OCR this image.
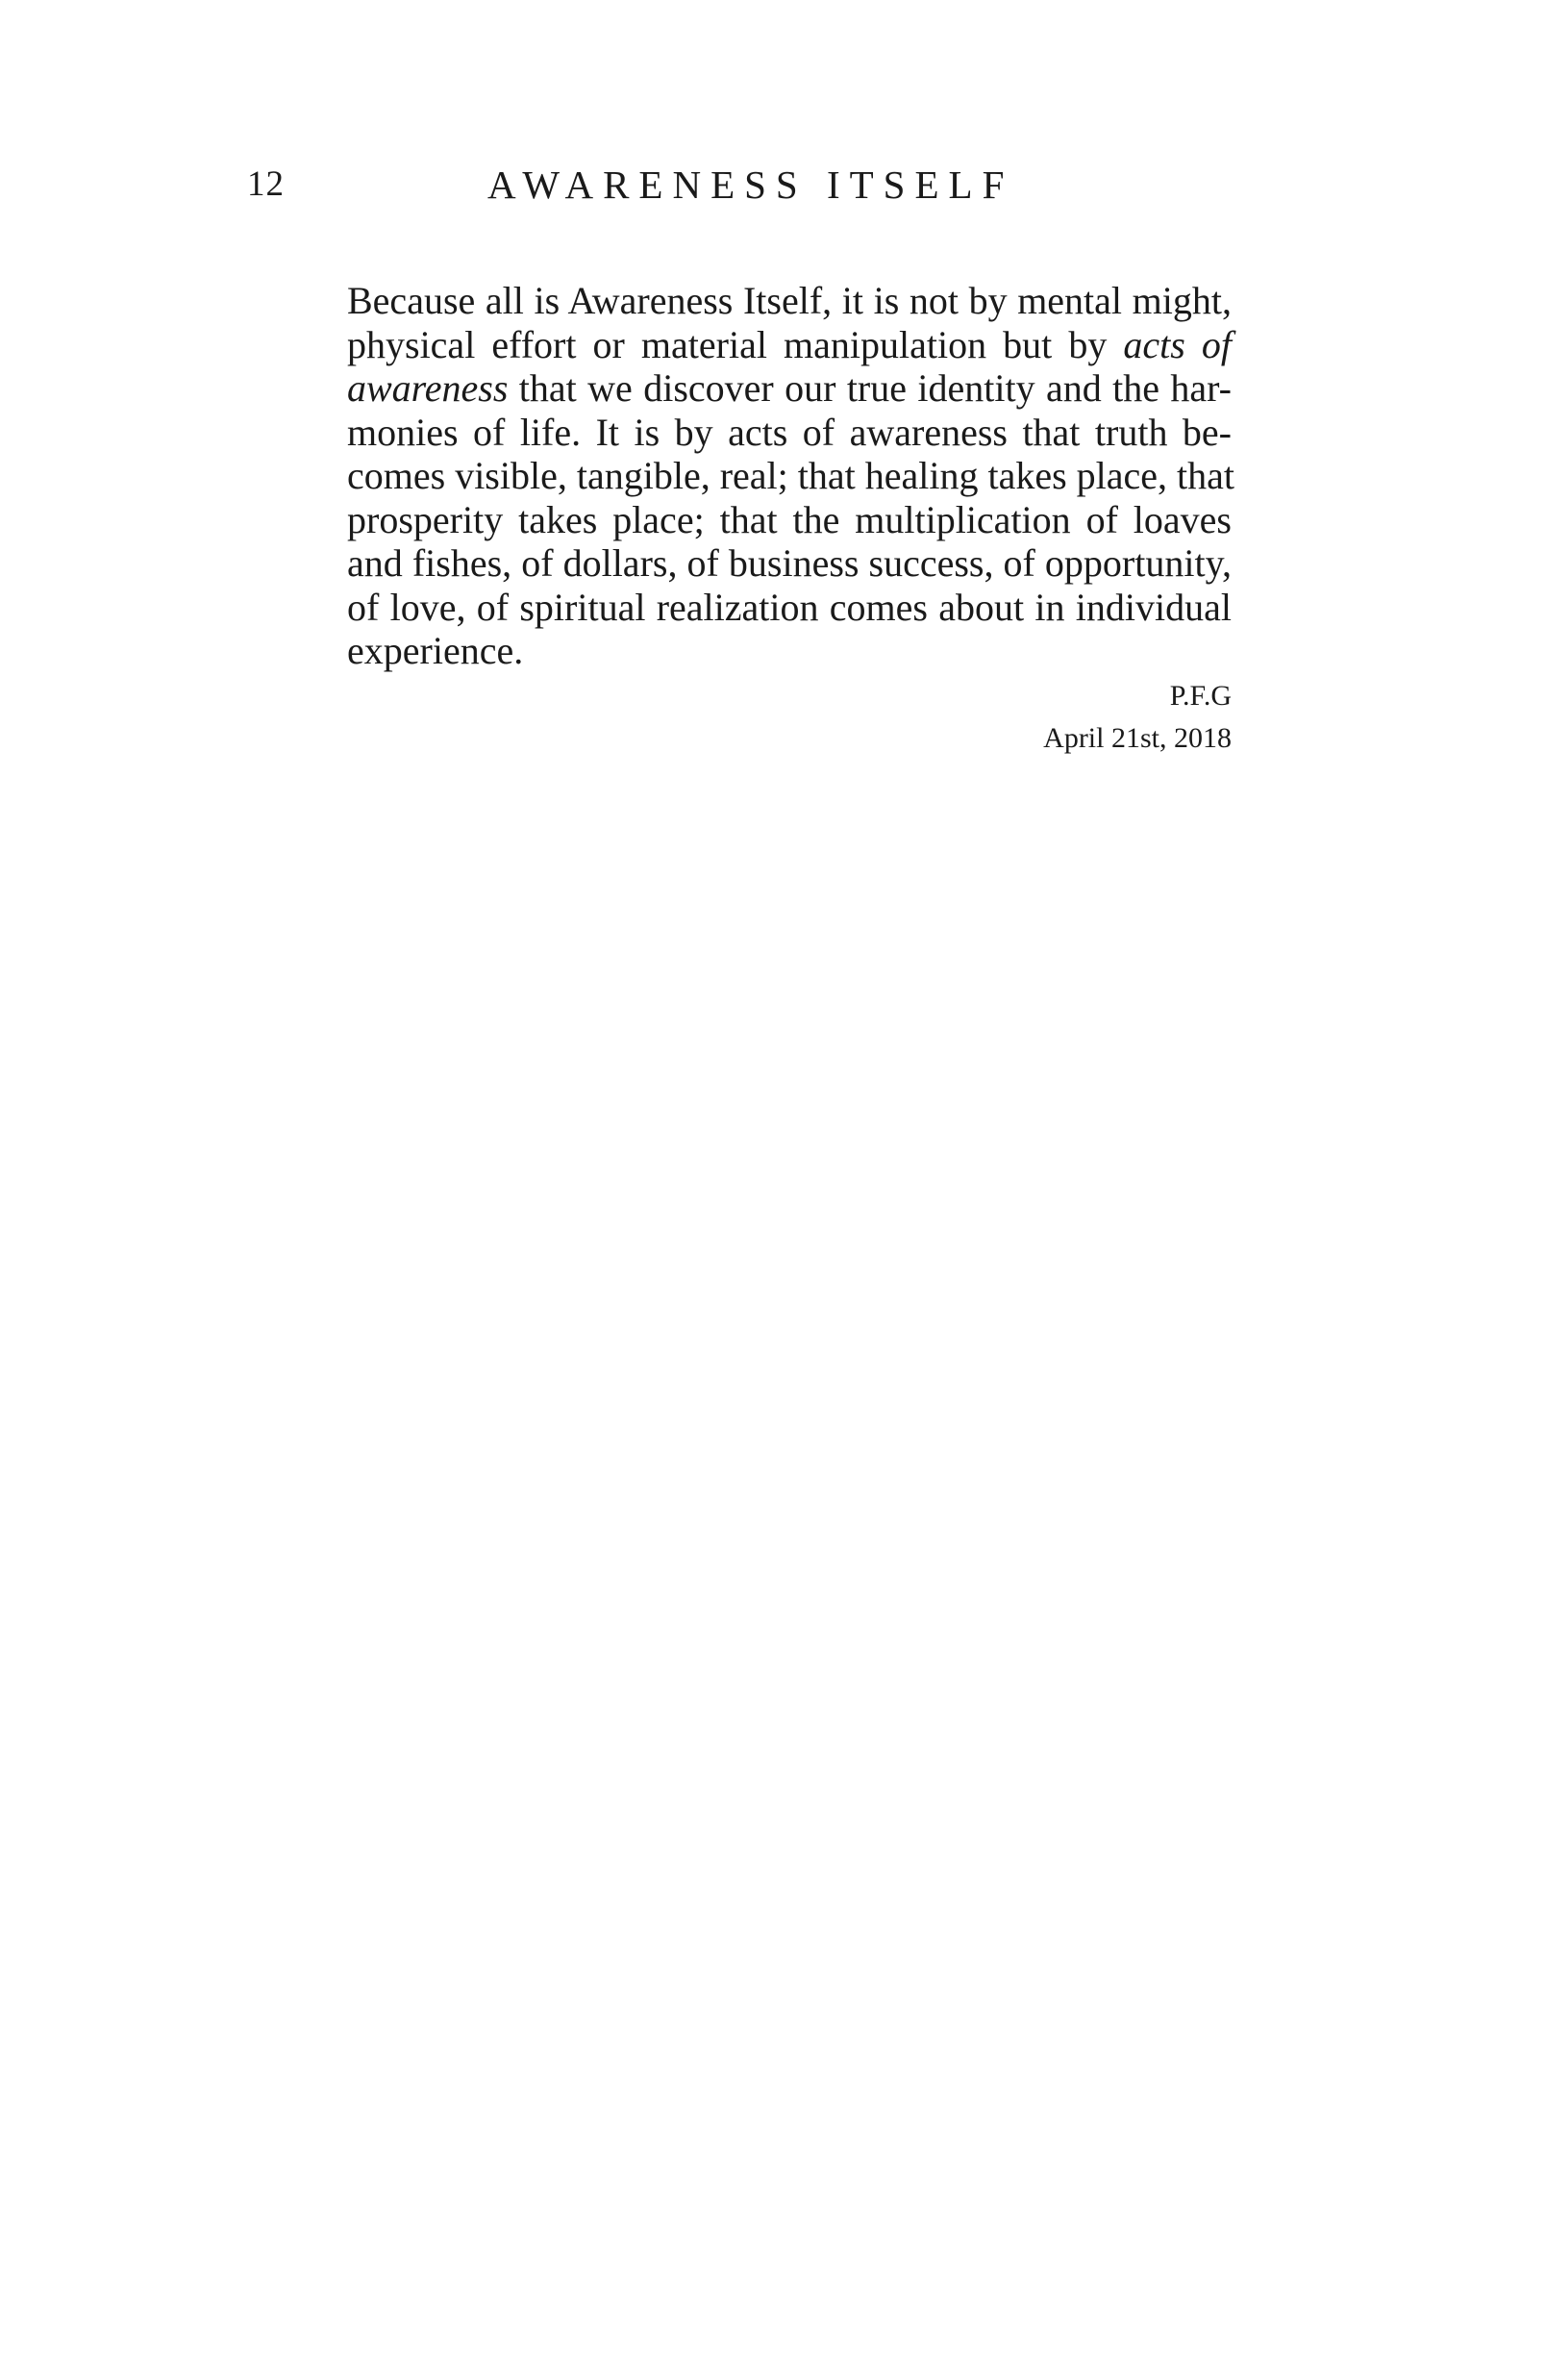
12	AWARENESS ITSELF
Because all is Awareness Itself, it is not by mental might,
physical effort or material manipulation but by acts of
awareness that we discover our true identity and the har-
monies of life. It is by acts of awareness that truth be-
comes visible, tangible, real; that healing takes place, that
prosperity takes place; that the multiplication of loaves
and fishes, of dollars, of business success, of opportunity,
of love, of spiritual realization comes about in individual
experience.
P.F.G
April 21st, 2018
